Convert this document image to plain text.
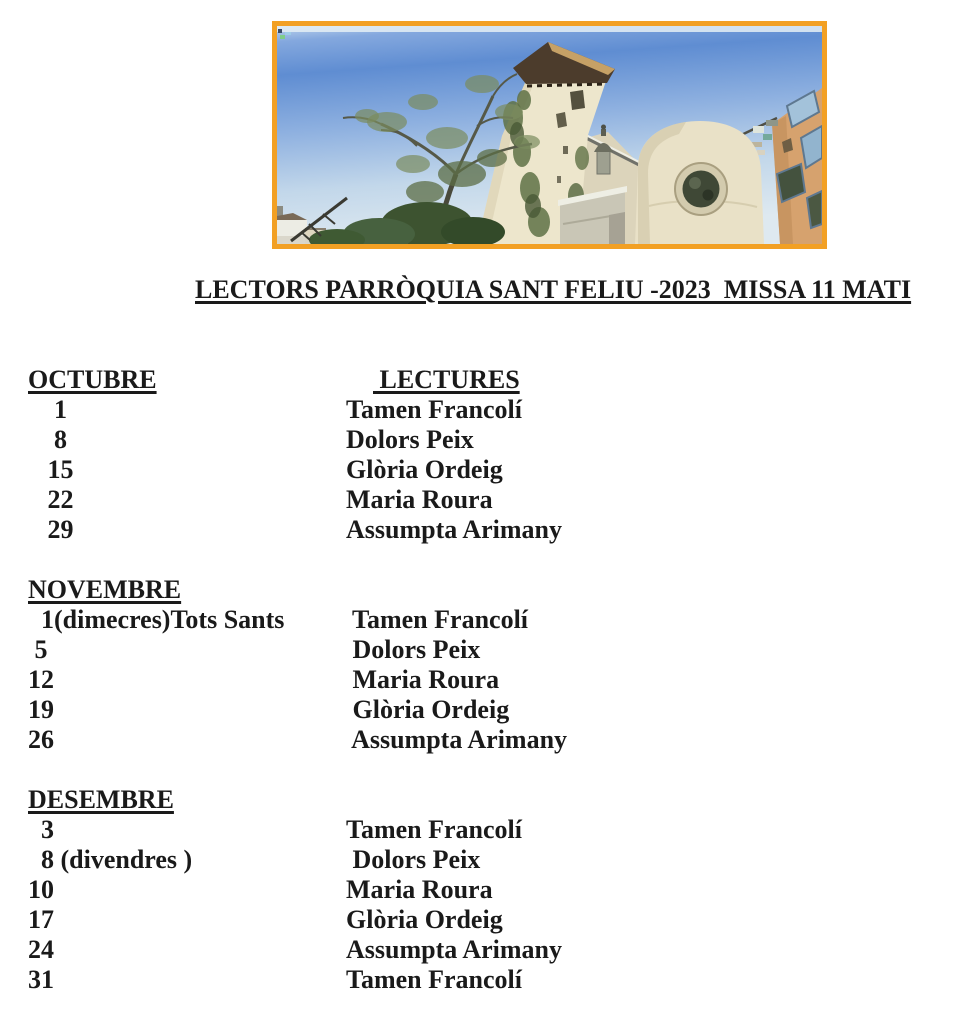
LECTORS PARRÒQUIA SANT FELIU -2023  MISSA 11 MATI
OCTUBRE	LECTURES
1	Tamen Francolí
8	Dolors Peix
15	Glòria Ordeig
22	Maria Roura
29	Assumpta Arimany
NOVEMBRE
1(dimecres)Tots Sants	Tamen Francolí
5	Dolors Peix
12	Maria Roura
19	Glòria Ordeig
26	Assumpta Arimany
DESEMBRE
3	Tamen Francolí
8 (divendres )	Dolors Peix
10	Maria Roura
17	Glòria Ordeig
24	Assumpta Arimany
31	Tamen Francolí
